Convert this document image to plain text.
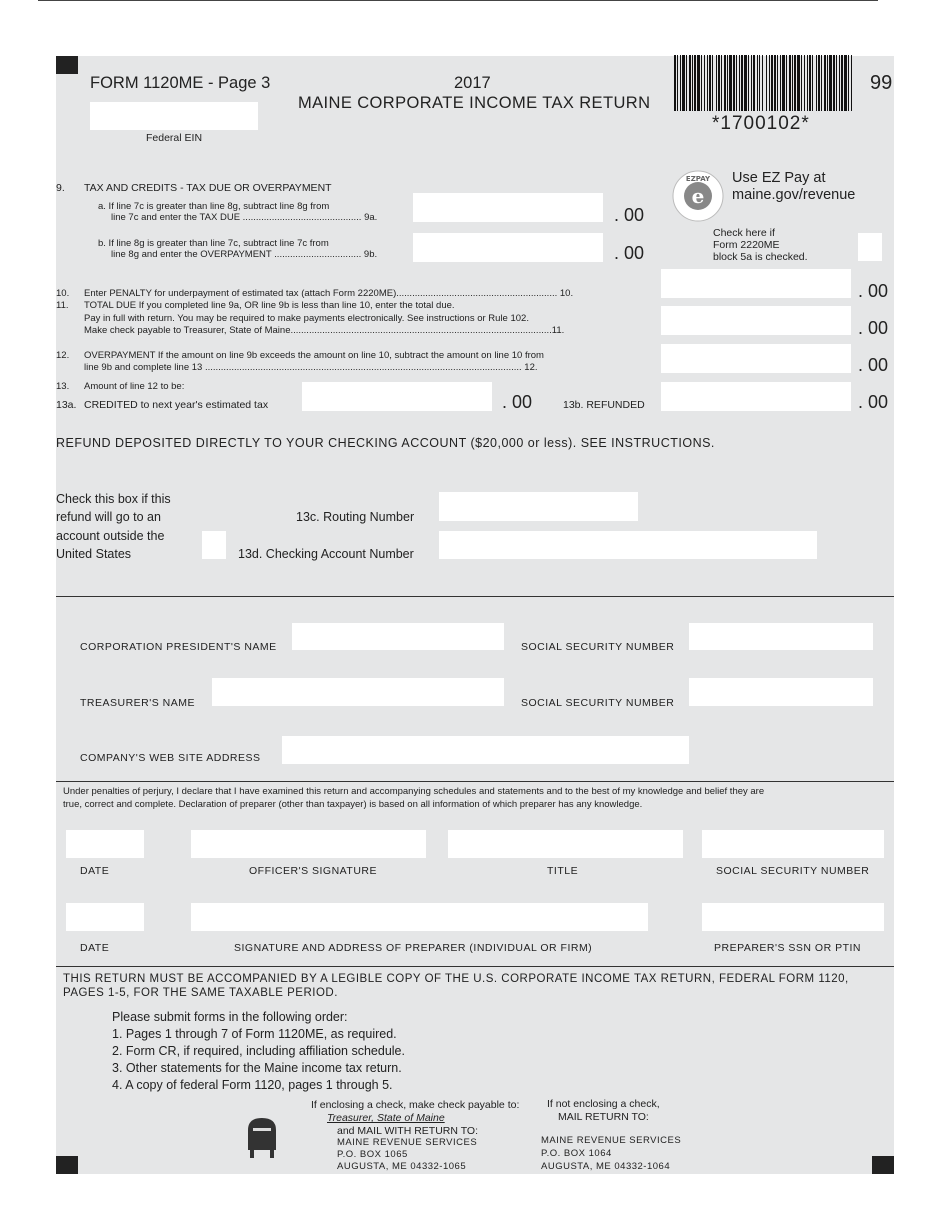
FORM 1120ME - Page 3	2017
MAINE CORPORATE INCOME TAX RETURN
99
*1700102*
Federal EIN
e
EZPAY Use EZ Pay at
maine.gov/revenue
Check here if
Form 2220ME
block 5a is checked.
9. TAX AND CREDITS - TAX DUE OR OVERPAYMENT
a. If line 7c is greater than line 8g, subtract line 8g from
line 7c and enter the TAX DUE ............................................. 9a.	. 00
b. If line 8g is greater than line 7c, subtract line 7c from
line 8g and enter the OVERPAYMENT ................................. 9b.	. 00
10. Enter PENALTY for underpayment of estimated tax (attach Form 2220ME)............................................................. 10.	. 00
11. TOTAL DUE If you completed line 9a, OR line 9b is less than line 10, enter the total due.
Pay in full with return. You may be required to make payments electronically. See instructions or Rule 102.
Make check payable to Treasurer, State of Maine...................................................................................................11.	. 00
12. OVERPAYMENT If the amount on line 9b exceeds the amount on line 10, subtract the amount on line 10 from
line 9b and complete line 13 ........................................................................................................................ 12.	. 00
13. Amount of line 12 to be:
13a. CREDITED to next year's estimated tax	. 00	13b. REFUNDED	. 00
REFUND DEPOSITED DIRECTLY TO YOUR CHECKING ACCOUNT ($20,000 or less). SEE INSTRUCTIONS.
Check this box if this
refund will go to an
account outside the
United States
13c. Routing Number
13d. Checking Account Number
CORPORATION PRESIDENT'S NAME	SOCIAL SECURITY NUMBER
TREASURER'S NAME	SOCIAL SECURITY NUMBER
COMPANY'S WEB SITE ADDRESS
Under penalties of perjury, I declare that I have examined this return and accompanying schedules and statements and to the best of my knowledge and belief they are
true, correct and complete. Declaration of preparer (other than taxpayer) is based on all information of which preparer has any knowledge.
DATE	OFFICER'S SIGNATURE	TITLE	SOCIAL SECURITY NUMBER
DATE	SIGNATURE AND ADDRESS OF PREPARER (INDIVIDUAL OR FIRM)	PREPARER'S SSN OR PTIN
THIS RETURN MUST BE ACCOMPANIED BY A LEGIBLE COPY OF THE U.S. CORPORATE INCOME TAX RETURN, FEDERAL FORM 1120,
PAGES 1-5, FOR THE SAME TAXABLE PERIOD.
Please submit forms in the following order:
1. Pages 1 through 7 of Form 1120ME, as required.
2. Form CR, if required, including affiliation schedule.
3. Other statements for the Maine income tax return.
4. A copy of federal Form 1120, pages 1 through 5.
If enclosing a check, make check payable to:
Treasurer, State of Maine
and MAIL WITH RETURN TO:
MAINE REVENUE SERVICES
P.O. BOX 1065
AUGUSTA, ME 04332-1065
If not enclosing a check,
MAIL RETURN TO:
MAINE REVENUE SERVICES
P.O. BOX 1064
AUGUSTA, ME 04332-1064
